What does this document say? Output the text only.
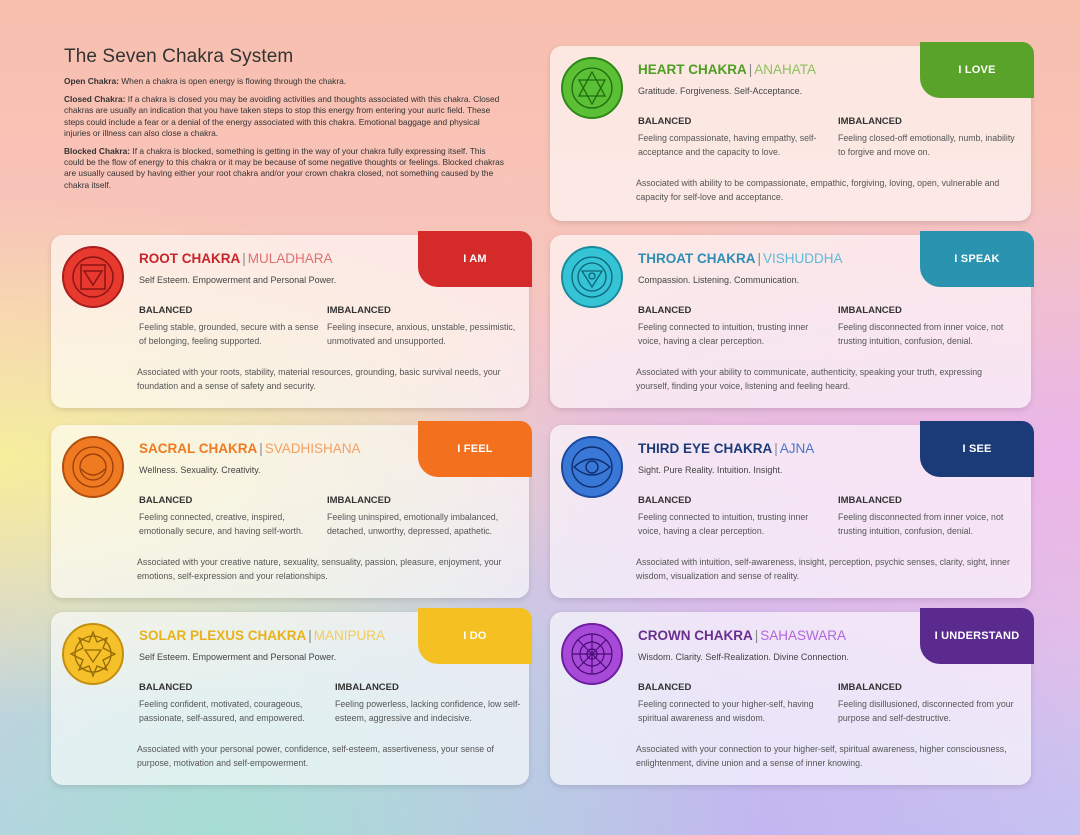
The Seven Chakra System

Open Chakra: When a chakra is open energy is flowing through the chakra.

Closed Chakra: If a chakra is closed you may be avoiding activities and thoughts associated with this chakra. Closed chakras are usually an indication that you have taken steps to stop this energy from entering your auric field. These steps could include a fear or a denial of the energy associated with this chakra. Emotional baggage and physical injuries or illness can also close a chakra.

Blocked Chakra: If a chakra is blocked, something is getting in the way of your chakra fully expressing itself. This could be the flow of energy to this chakra or it may be because of some negative thoughts or feelings. Blocked chakras are usually caused by having either your root chakra and/or your crown chakra closed, not something caused by the chakra itself.

I AM
ROOT CHAKRA | MULADHARA
Self Esteem. Empowerment and Personal Power.
BALANCED

Feeling stable, grounded, secure with a sense of belonging, feeling supported.

IMBALANCED

Feeling insecure, anxious, unstable, pessimistic, unmotivated and unsupported.

Associated with your roots, stability, material resources, grounding, basic survival needs, your foundation and a sense of safety and security.

I FEEL
SACRAL CHAKRA | SVADHISHANA
Wellness. Sexuality. Creativity.
BALANCED

Feeling connected, creative, inspired, emotionally secure, and having self-worth.

IMBALANCED

Feeling uninspired, emotionally imbalanced, detached, unworthy, depressed, apathetic.

Associated with your creative nature, sexuality, sensuality, passion, pleasure, enjoyment, your emotions, self-expression and your relationships.

I DO
SOLAR PLEXUS CHAKRA | MANIPURA
Self Esteem. Empowerment and Personal Power.
BALANCED

Feeling confident, motivated, courageous, passionate, self-assured, and empowered.

IMBALANCED

Feeling powerless, lacking confidence, low self-esteem, aggressive and indecisive.

Associated with your personal power, confidence, self-esteem, assertiveness, your sense of purpose, motivation and self-empowerment.

I LOVE
HEART CHAKRA | ANAHATA
Gratitude. Forgiveness. Self-Acceptance.
BALANCED

Feeling compassionate, having empathy, self-acceptance and the capacity to love.

IMBALANCED

Feeling closed-off emotionally, numb, inability to forgive and move on.

Associated with ability to be compassionate, empathic, forgiving, loving, open, vulnerable and capacity for self-love and acceptance.

I SPEAK
THROAT CHAKRA | VISHUDDHA
Compassion. Listening. Communication.
BALANCED

Feeling connected to intuition, trusting inner voice, having a clear perception.

IMBALANCED

Feeling disconnected from inner voice, not trusting intuition, confusion, denial.

Associated with your ability to communicate, authenticity, speaking your truth, expressing yourself, finding your voice, listening and feeling heard.

I SEE
THIRD EYE CHAKRA | AJNA
Sight. Pure Reality. Intuition. Insight.
BALANCED

Feeling connected to intuition, trusting inner voice, having a clear perception.

IMBALANCED

Feeling disconnected from inner voice, not trusting intuition, confusion, denial.

Associated with intuition, self-awareness, insight, perception, psychic senses, clarity, sight, inner wisdom, visualization and sense of reality.

I UNDERSTAND
CROWN CHAKRA | SAHASWARA
Wisdom. Clarity. Self-Realization. Divine Connection.
BALANCED

Feeling connected to your higher-self, having spiritual awareness and wisdom.

IMBALANCED

Feeling disillusioned, disconnected from your purpose and self-destructive.

Associated with your connection to your higher-self, spiritual awareness, higher consciousness, enlightenment, divine union and a sense of inner knowing.
